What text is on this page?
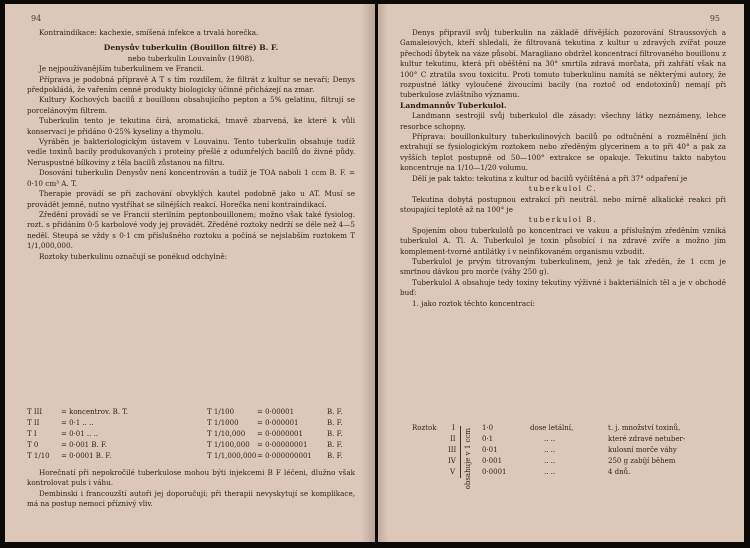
94

Kontraindikace: kachexie, smíšená infekce a trvalá horečka.

Denysův tuberkulin (Bouillon filtré) B. F.

nebo tuberkulin Louvainův (1908).

Je nejpoužívanějším tuberkulinem ve Francii.

Příprava je podobná přípravě A T s tím rozdílem, že filtrát z kultur se nevaří; Denys předpokládá, že vařením cenné produkty biologicky účinné přicházejí na zmar.

Kultury Kochových bacilů z bouillonu obsahujícího pepton a 5% gelatinu, filtrují se porcelánovým filtrem.

Tuberkulin tento je tekutina čirá, aromatická, tmavě zbarvená, ke které k vůli konservaci je přidáno 0·25% kyseliny a thymolu.

Vyráběn je bakteriologickým ústavem v Louvainu. Tento tuberkulin obsahuje tudíž vedle toxinů bacily produkovaných i proteiny přešlé z odumřelých bacilů do živné půdy. Neruspustné bílkoviny z těla bacilů zůstanou na filtru.

Dosování tuberkulin Denysův není koncentrován a tudíž je TOA naboli 1 ccm B. F. = 0·10 cm³ A. T.

Therapie provádí se při zachování obvyklých kautel podobně jako u AT. Musí se provádět jemně, nutno vystříhat se silnějších reakcí. Horečka není kontraindikací.

Zředění provádí se ve Francii sterilním peptonbouillonem; možno však také fysiolog. rozt. s přidáním 0·5 karbolové vody jej provádět. Zředěné roztoky nedrží se déle než 4—5 neděl. Steupá se vždy s 0·1 cm příslušného roztoku a počíná se nejslabším roztokem T 1/1,000,000.

Roztoky tuberkulinu označují se ponékud odchylně:

T III	= koncentrov. B. T.	T 1/100	= 0·00001	B. F.
T II	= 0·1 .. ..	T 1/1000	= 0·000001	B. F.
T I	= 0·01 .. ..	T 1/10,000 = 0·0000001	B. F.
T 0	= 0·001 B. F.	T 1/100,000 = 0·00000001	B. F.
T 1/10 = 0·0001 B. F.	T 1/1,000,000 = 0·000000001 B. F.

Horečnatí při nepokročilé tuberkulose mohou býti injekcemi B F léčeni, dlužno však kontrolovat puls i váhu.

Dembinski i francouzští autoři jej doporučují; při therapii nevyskytují se komplikace, má na postup nemoci příznivý vliv.

95

Denys připravil svůj tuberkulin na základě dřívějších pozorování Straussových a Gamaleiových, kteří shledali, že filtrovaná tekutina z kultur u zdravých zvířat pouze přechodí ůbytek na váze působí. Maragliano obdržel koncentrací filtrovaného bouillonu z kultur tekutinu, která při oběštění na 30° smrtila zdravá morčata, při zahřátí však na 100° C ztratila svou toxicitu. Proti tomuto tuberkulinu namítá se některými autory, že rozpustné látky vyloučené živoucími bacily (na roztoč od endotoxinů) nemají při tuberkulose zvláštního významu.

Landmannův Tuberkulol.

Landmann sestrojil svůj tuberkulol dle zásady: všechny látky neznámeny, lehce resorbce schopny.

Příprava: bouillonkultury tuberkulinových bacilů po odtučnění a rozmělnění jich extrahují se fysiologickým roztokem nebo zředěným glycerinem a to při 40° a pak za vyšších teplot postupně od 50—100° extrakce se opakuje. Tekutinu takto nabytou koncentruje na 1/10—1/20 volumu.

Dělí je pak takto: tekutina z kultur od bacilů vyčištěná a při 37° odpaření je

tuberkulol C.

Tekutina dobytá postupnou extrakcí při neutrál. nebo mírně alkalické reakci při stoupající teplotě až na 100° je

tuberkulol B.

Spojením obou tuberkulolů po koncentraci ve vakuu a příslušným zředěním vzniká tuberkulol A. Tl. A. Tuberkulol je toxin působící i na zdravé zvíře a možno jím komplement-tvorné antilátky i v neinfikovaném organismu vzbudit.

Tuberkulol je prvým titrovaným tuberkulinem, jenž je tak zředěn, že 1 ccm je smrtnou dávkou pro morče (váhy 250 g).

Tuberkulol A obsahuje tedy toxiny tekutiny výživné i bakteriálních těl a je v obchodě buď:

1. jako roztok těchto koncentrací:

Roztok	obsahuje v 1 ccm
I	1·0	dose letální,	t. j. množství toxinů,
II	0·1	.. ..	které zdravé netuber-
III	0·01	.. ..	kulosní morče váhy
IV	0·001	.. ..	250 g zabíjí během
V	0·0001	.. ..	4 dnů.
